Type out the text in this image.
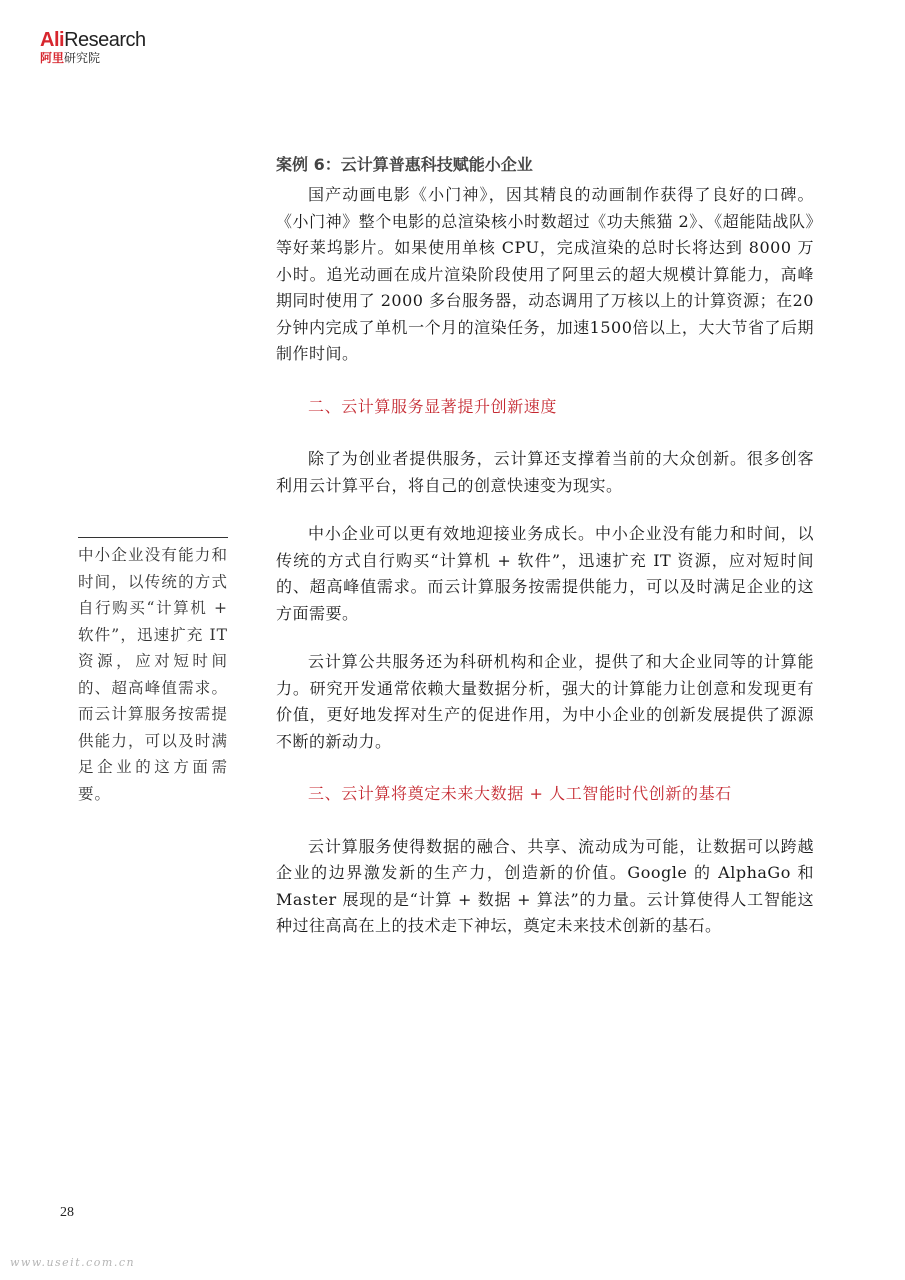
AliResearch
阿里研究院
案例 6：云计算普惠科技赋能小企业

国产动画电影《小门神》，因其精良的动画制作获得了良好的口碑。《小门神》整个电影的总渲染核小时数超过《功夫熊猫 2》、《超能陆战队》等好莱坞影片。如果使用单核 CPU，完成渲染的总时长将达到 8000 万小时。追光动画在成片渲染阶段使用了阿里云的超大规模计算能力，高峰期同时使用了 2000 多台服务器，动态调用了万核以上的计算资源；在20分钟内完成了单机一个月的渲染任务，加速1500倍以上，大大节省了后期制作时间。

二、云计算服务显著提升创新速度

除了为创业者提供服务，云计算还支撑着当前的大众创新。很多创客利用云计算平台，将自己的创意快速变为现实。

中小企业可以更有效地迎接业务成长。中小企业没有能力和时间，以传统的方式自行购买“计算机 + 软件”，迅速扩充 IT 资源，应对短时间的、超高峰值需求。而云计算服务按需提供能力，可以及时满足企业的这方面需要。

云计算公共服务还为科研机构和企业，提供了和大企业同等的计算能力。研究开发通常依赖大量数据分析，强大的计算能力让创意和发现更有价值，更好地发挥对生产的促进作用，为中小企业的创新发展提供了源源不断的新动力。

三、云计算将奠定未来大数据 + 人工智能时代创新的基石

云计算服务使得数据的融合、共享、流动成为可能，让数据可以跨越企业的边界激发新的生产力，创造新的价值。Google 的 AlphaGo 和 Master 展现的是“计算 + 数据 + 算法”的力量。云计算使得人工智能这种过往高高在上的技术走下神坛，奠定未来技术创新的基石。

中小企业没有能力和时间，以传统的方式自行购买“计算机 + 软件”，迅速扩充 IT 资源，应对短时间的、超高峰值需求。而云计算服务按需提供能力，可以及时满足企业的这方面需要。

28
www.useit.com.cn
